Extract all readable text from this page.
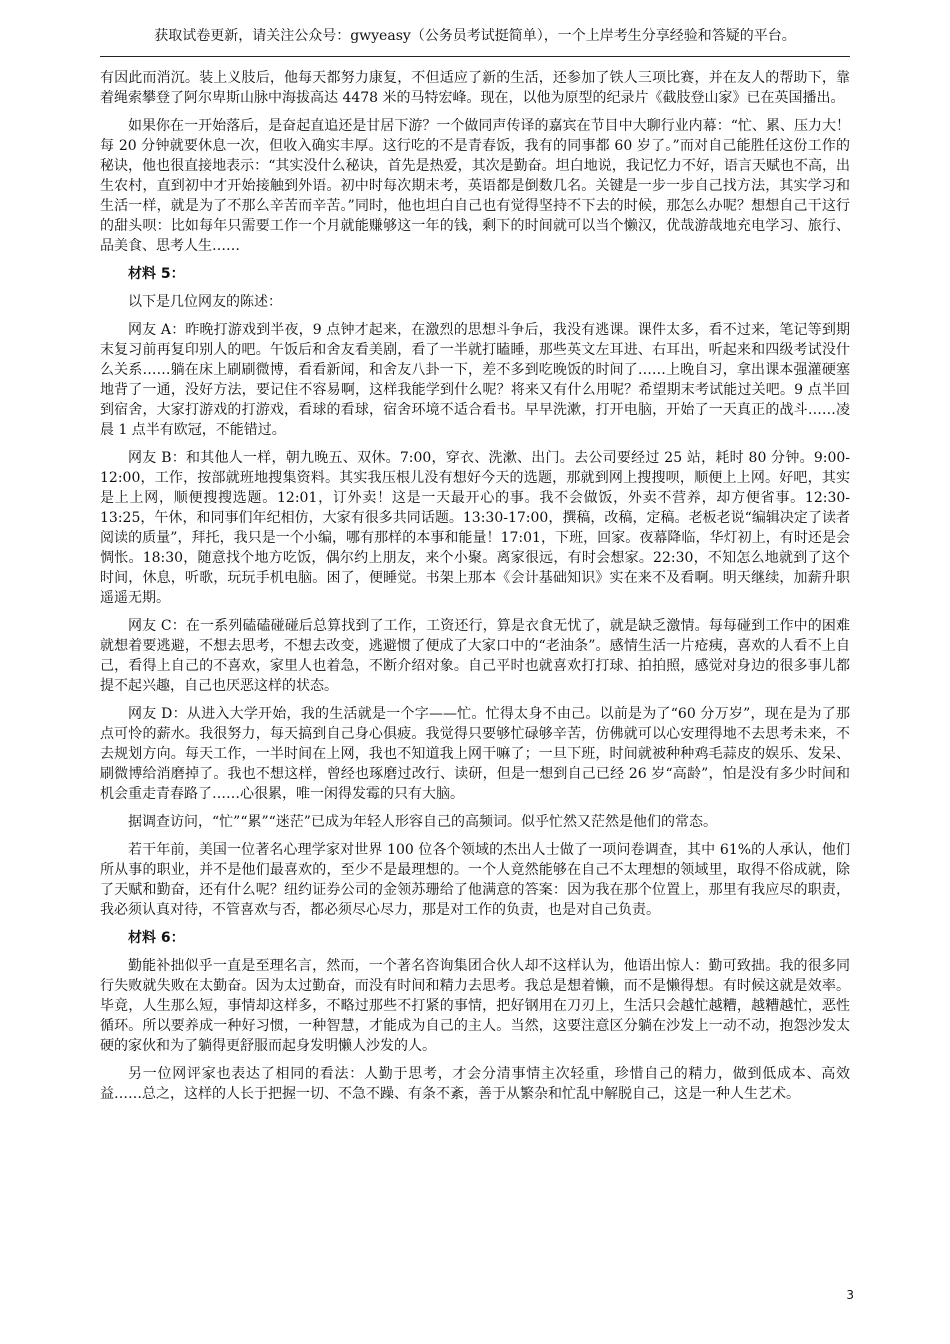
获取试卷更新，请关注公众号：gwyeasy（公务员考试挺简单），一个上岸考生分享经验和答疑的平台。

有因此而消沉。装上义肢后，他每天都努力康复，不但适应了新的生活，还参加了铁人三项比赛，并在友人的帮助下，靠着绳索攀登了阿尔卑斯山脉中海拔高达 4478 米的马特宏峰。现在，以他为原型的纪录片《截肢登山家》已在英国播出。

如果你在一开始落后，是奋起直追还是甘居下游？一个做同声传译的嘉宾在节目中大聊行业内幕：“忙、累、压力大！每 20 分钟就要休息一次，但收入确实丰厚。这行吃的不是青春饭，我有的同事都 60 岁了。”而对自己能胜任这份工作的秘诀，他也很直接地表示：“其实没什么秘诀，首先是热爱，其次是勤奋。坦白地说，我记忆力不好，语言天赋也不高，出生农村，直到初中才开始接触到外语。初中时每次期末考，英语都是倒数几名。关键是一步一步自己找方法，其实学习和生活一样，就是为了不那么辛苦而辛苦。”同时，他也坦白自己也有觉得坚持不下去的时候，那怎么办呢？想想自己干这行的甜头呗：比如每年只需要工作一个月就能赚够这一年的钱，剩下的时间就可以当个懒汉，优哉游哉地充电学习、旅行、品美食、思考人生……

材料 5：

以下是几位网友的陈述：

网友 A：昨晚打游戏到半夜，9 点钟才起来，在激烈的思想斗争后，我没有逃课。课件太多，看不过来，笔记等到期末复习前再复印别人的吧。午饭后和舍友看美剧，看了一半就打瞌睡，那些英文左耳进、右耳出，听起来和四级考试没什么关系……躺在床上刷刷微博，看看新闻，和舍友八卦一下，差不多到吃晚饭的时间了……上晚自习，拿出课本强灌硬塞地背了一通，没好方法，要记住不容易啊，这样我能学到什么呢？将来又有什么用呢？希望期末考试能过关吧。9 点半回到宿舍，大家打游戏的打游戏，看球的看球，宿舍环境不适合看书。早早洗漱，打开电脑，开始了一天真正的战斗……凌晨 1 点半有欧冠，不能错过。

网友 B：和其他人一样，朝九晚五、双休。7:00，穿衣、洗漱、出门。去公司要经过 25 站，耗时 80 分钟。9:00-12:00，工作，按部就班地搜集资料。其实我压根儿没有想好今天的选题，那就到网上搜搜呗，顺便上上网。好吧，其实是上上网，顺便搜搜选题。12:01，订外卖！这是一天最开心的事。我不会做饭，外卖不营养，却方便省事。12:30-13:25，午休，和同事们年纪相仿，大家有很多共同话题。13:30-17:00，撰稿，改稿，定稿。老板老说“编辑决定了读者阅读的质量”，拜托，我只是一个小编，哪有那样的本事和能量！17:01，下班，回家。夜幕降临，华灯初上，有时还是会惆怅。18:30，随意找个地方吃饭，偶尔约上朋友，来个小聚。离家很远，有时会想家。22:30，不知怎么地就到了这个时间，休息，听歌，玩玩手机电脑。困了，便睡觉。书架上那本《会计基础知识》实在来不及看啊。明天继续，加薪升职遥遥无期。

网友 C：在一系列磕磕碰碰后总算找到了工作，工资还行，算是衣食无忧了，就是缺乏激情。每每碰到工作中的困难就想着要逃避，不想去思考，不想去改变，逃避惯了便成了大家口中的“老油条”。感情生活一片疮痍，喜欢的人看不上自己，看得上自己的不喜欢，家里人也着急，不断介绍对象。自己平时也就喜欢打打球、拍拍照，感觉对身边的很多事儿都提不起兴趣，自己也厌恶这样的状态。

网友 D：从进入大学开始，我的生活就是一个字——忙。忙得太身不由己。以前是为了“60 分万岁”，现在是为了那点可怜的薪水。我很努力，每天搞到自己身心俱疲。我觉得只要够忙碌够辛苦，仿佛就可以心安理得地不去思考未来，不去规划方向。每天工作，一半时间在上网，我也不知道我上网干嘛了；一旦下班，时间就被种种鸡毛蒜皮的娱乐、发呆、刷微博给消磨掉了。我也不想这样，曾经也琢磨过改行、读研，但是一想到自己已经 26 岁“高龄”，怕是没有多少时间和机会重走青春路了……心很累，唯一闲得发霉的只有大脑。

据调查访问，“忙”“累”“迷茫”已成为年轻人形容自己的高频词。似乎忙然又茫然是他们的常态。

若干年前，美国一位著名心理学家对世界 100 位各个领域的杰出人士做了一项问卷调查，其中 61%的人承认，他们所从事的职业，并不是他们最喜欢的，至少不是最理想的。一个人竟然能够在自己不太理想的领域里，取得不俗成就，除了天赋和勤奋，还有什么呢？纽约证券公司的金领苏珊给了他满意的答案：因为我在那个位置上，那里有我应尽的职责，我必须认真对待，不管喜欢与否，都必须尽心尽力，那是对工作的负责，也是对自己负责。

材料 6：

勤能补拙似乎一直是至理名言，然而，一个著名咨询集团合伙人却不这样认为，他语出惊人：勤可致拙。我的很多同行失败就失败在太勤奋。因为太过勤奋，而没有时间和精力去思考。我总是想着懒，而不是懒得想。有时候这就是效率。毕竟，人生那么短，事情却这样多，不略过那些不打紧的事情，把好钢用在刀刃上，生活只会越忙越糟，越糟越忙，恶性循环。所以要养成一种好习惯，一种智慧，才能成为自己的主人。当然，这要注意区分躺在沙发上一动不动，抱怨沙发太硬的家伙和为了躺得更舒服而起身发明懒人沙发的人。

另一位网评家也表达了相同的看法：人勤于思考，才会分清事情主次轻重，珍惜自己的精力，做到低成本、高效益……总之，这样的人长于把握一切、不急不躁、有条不紊，善于从繁杂和忙乱中解脱自己，这是一种人生艺术。

3
